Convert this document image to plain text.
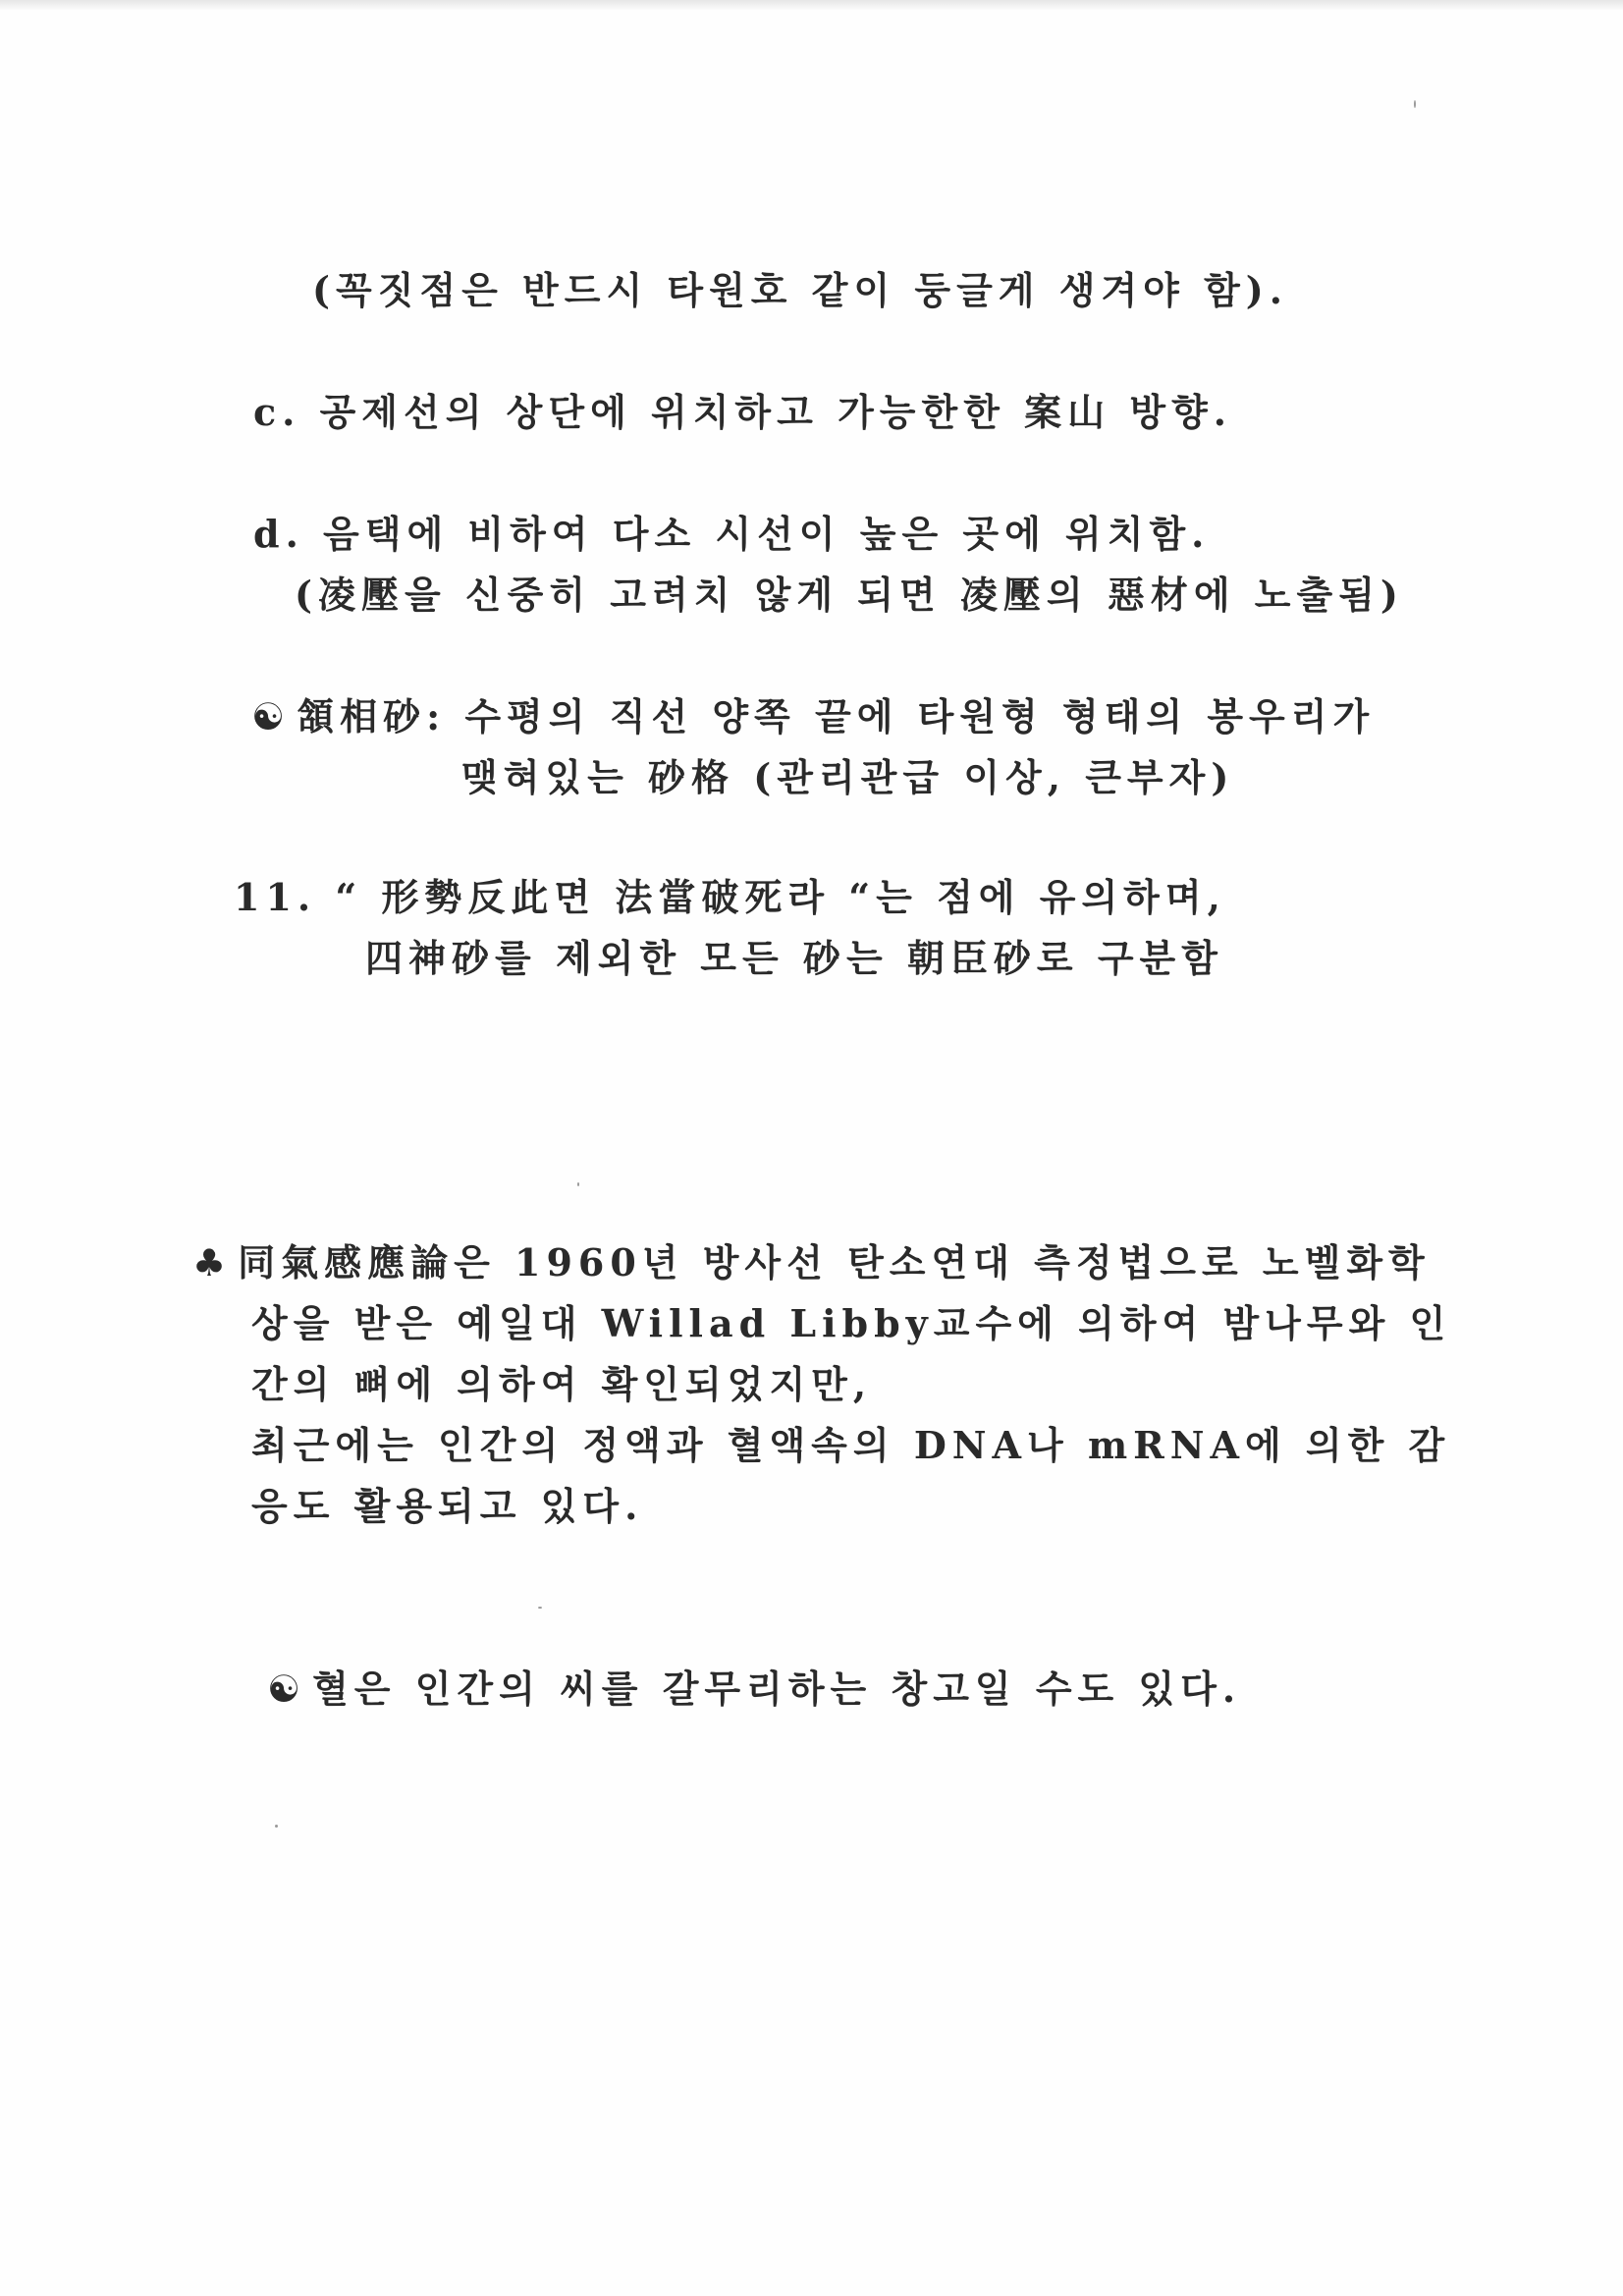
(꼭짓점은 반드시 타원호 같이 둥글게 생겨야 함).
c. 공제선의 상단에 위치하고 가능한한 案山 방향.
d. 음택에 비하여 다소 시선이 높은 곳에 위치함.
(凌壓을 신중히 고려치 않게 되면 凌壓의 惡材에 노출됨)
☯ 頷相砂: 수평의 직선 양쪽 끝에 타원형 형태의 봉우리가
맺혀있는 砂格 (관리관급 이상, 큰부자)
11. “ 形勢反此면 法當破死라 “는 점에 유의하며,
四神砂를 제외한 모든 砂는 朝臣砂로 구분함
♣ 同氣感應論은 1960년 방사선 탄소연대 측정법으로 노벨화학
상을 받은 예일대 Willad Libby교수에 의하여 밤나무와 인
간의 뼈에 의하여 확인되었지만,
최근에는 인간의 정액과 혈액속의 DNA나 mRNA에 의한 감
응도 활용되고 있다.
☯ 혈은 인간의 씨를 갈무리하는 창고일 수도 있다.
